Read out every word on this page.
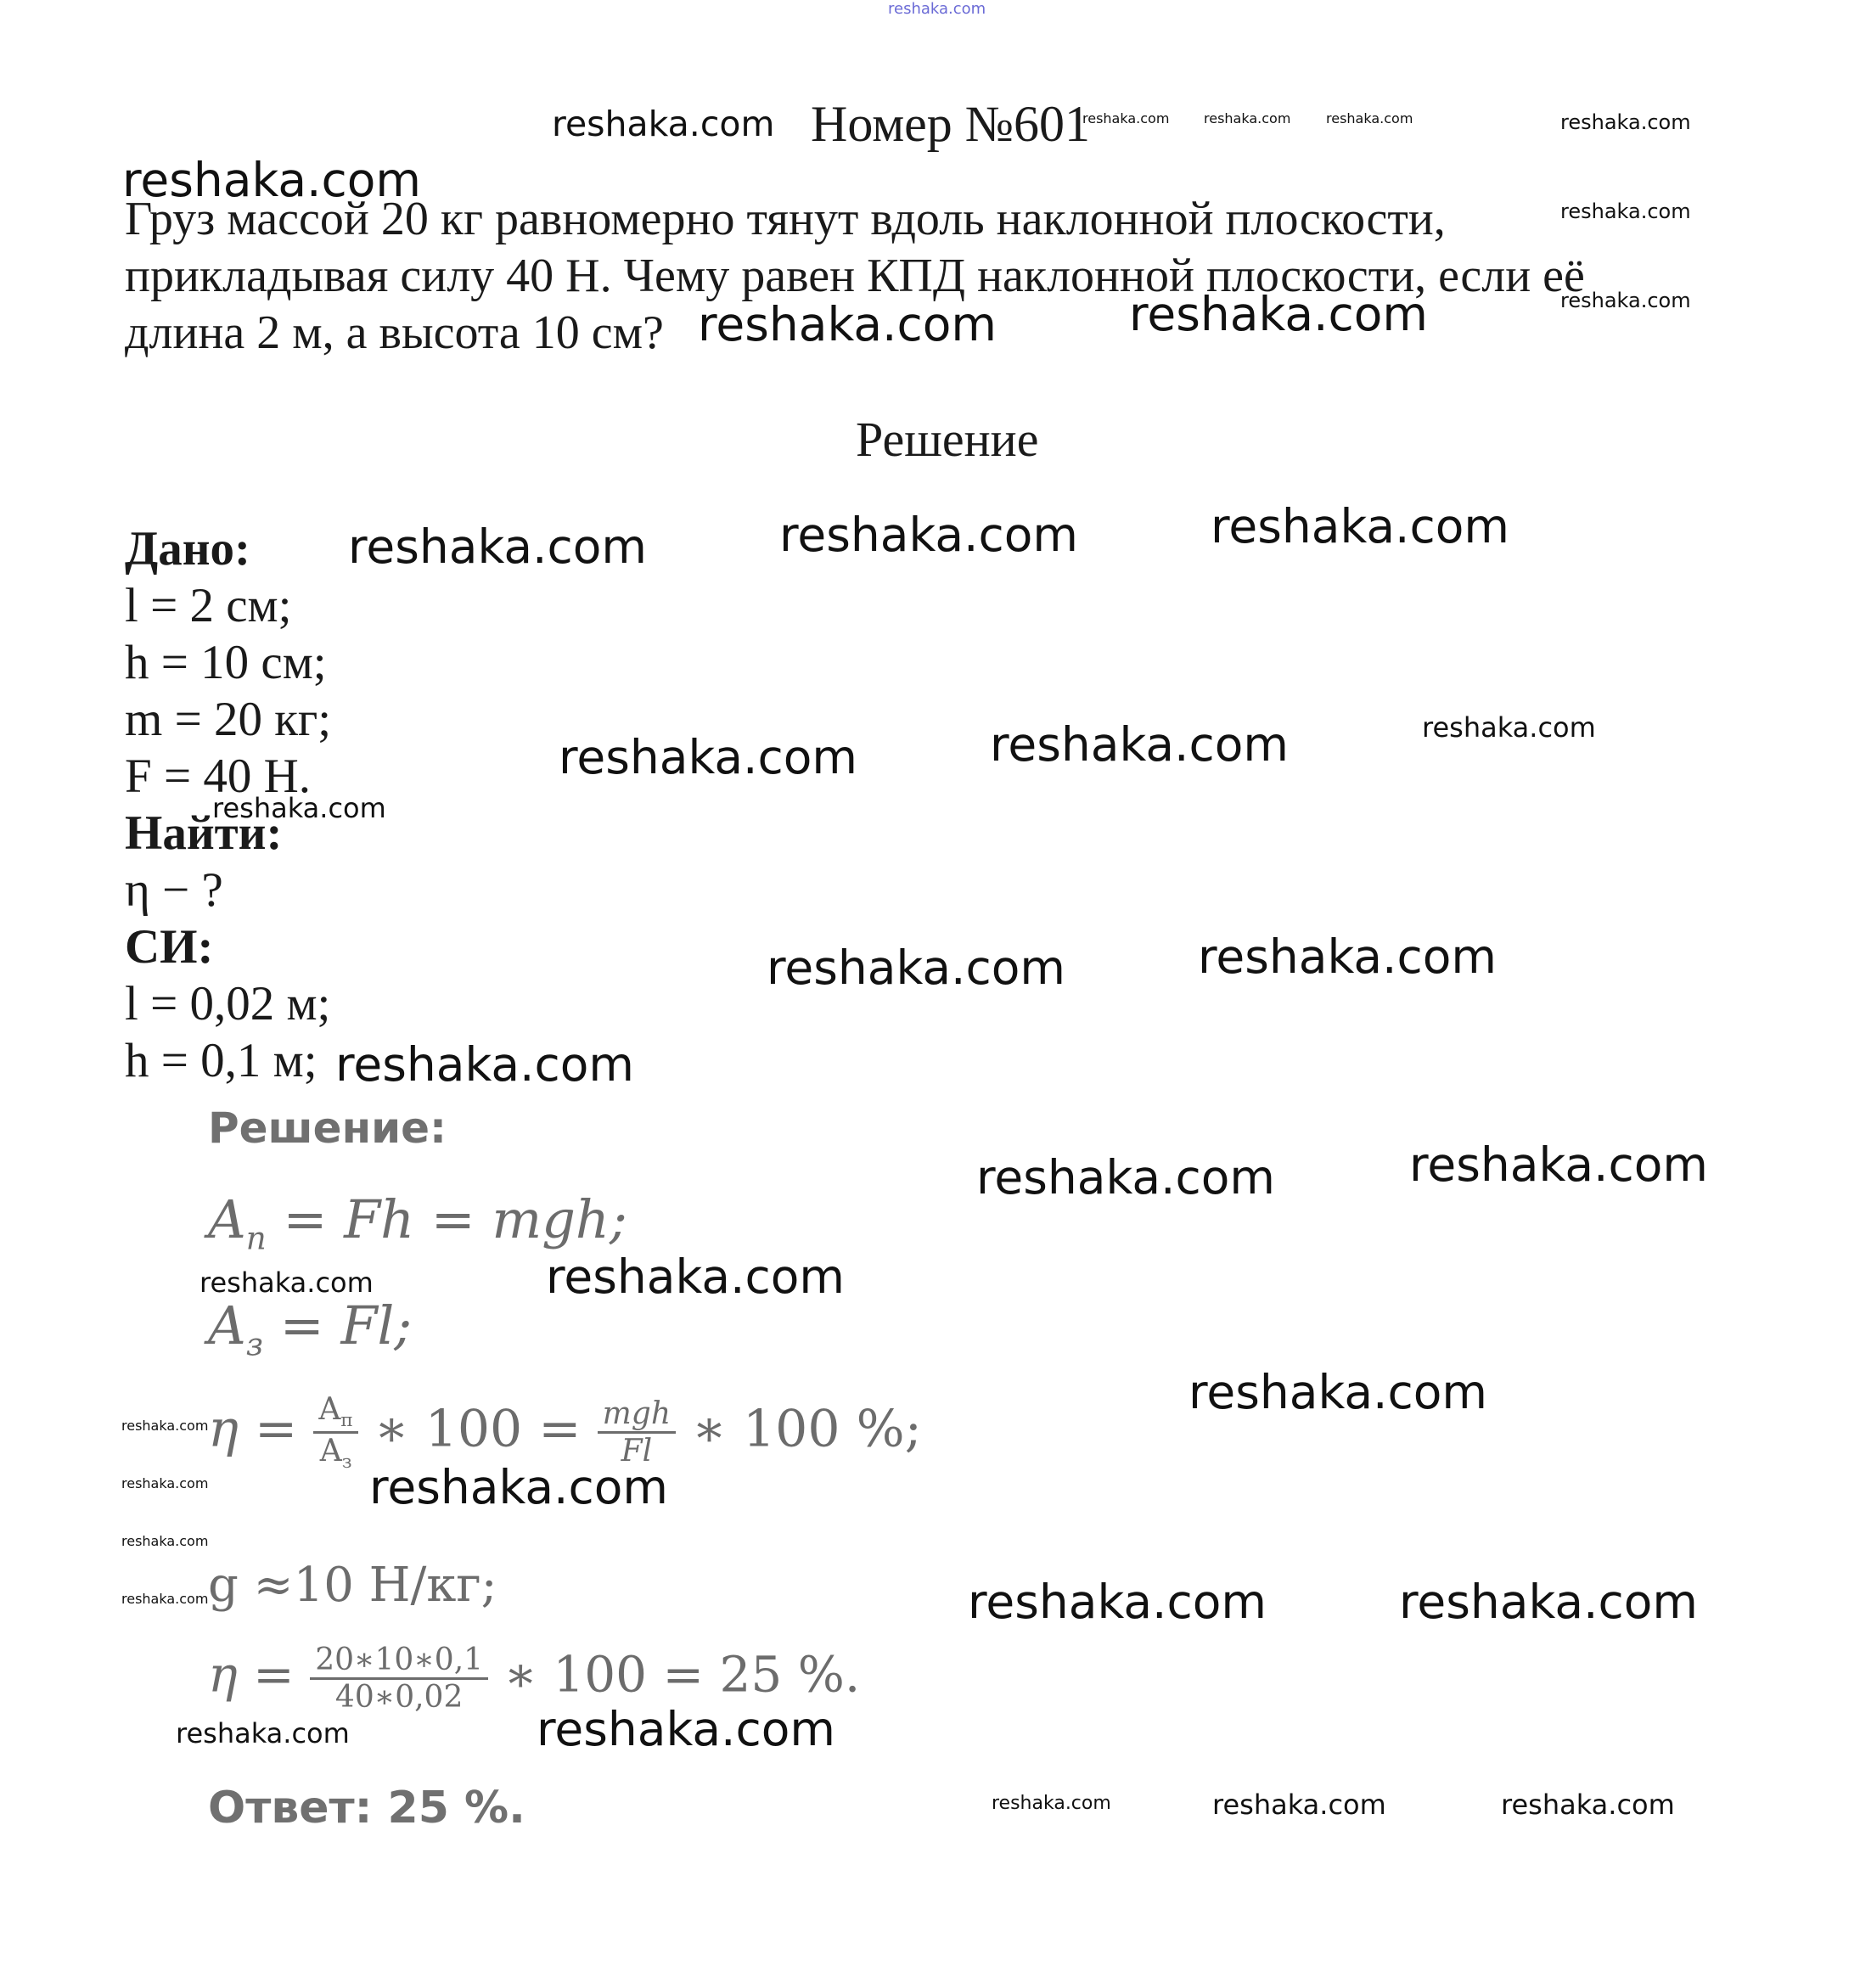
reshaka.com
Номер №601
Груз массой 20 кг равномерно тянут вдоль наклонной плоскости,
прикладывая силу 40 Н. Чему равен КПД наклонной плоскости, если её
длина 2 м, а высота 10 см?
Решение
Дано:
l = 2 см;
h = 10 см;
m = 20 кг;
F = 40 Н.
Найти:
η − ?
СИ:
l = 0,02 м;
h = 0,1 м;
Решение:
$A_п = Fh$ = mgh;
$A_з = Fl$;
$\eta = \frac{A_п}{A_з}$ ∗ $100 = \frac{\text{mgh}}{Fl}$ ∗ 100 %;
g ≈10 Н/кг;
$\eta = \frac{20∗10∗0,1}{40∗0,02}$ ∗ 100 = 25 %.
Ответ: 25 %.
reshaka.com	reshaka.com	reshaka.com	reshaka.com	reshaka.com
reshaka.com
reshaka.com
reshaka.com
reshaka.com	reshaka.com
reshaka.com	reshaka.com	reshaka.com
reshaka.com	reshaka.com	reshaka.com
reshaka.com
reshaka.com	reshaka.com
reshaka.com
reshaka.com	reshaka.com
reshaka.com	reshaka.com
reshaka.com
reshaka.com
reshaka.com
reshaka.com
reshaka.com
reshaka.com	reshaka.com	reshaka.com
reshaka.com	reshaka.com
reshaka.com	reshaka.com	reshaka.com
